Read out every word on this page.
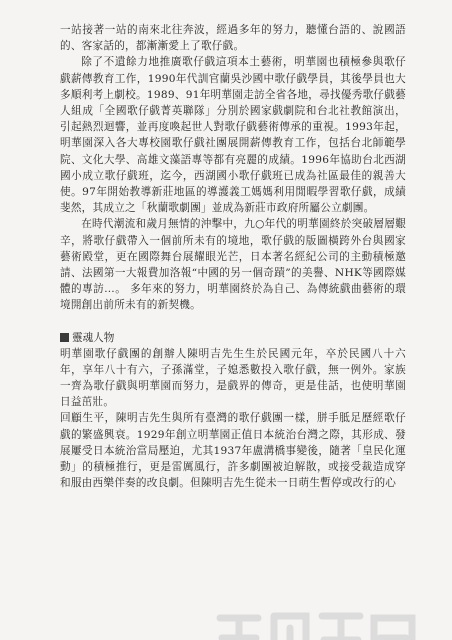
一站接著一站的南來北往奔波，經過多年的努力，聽懂台語的、說國語的、客家話的，都漸漸愛上了歌仔戲。

除了不遺餘力地推廣歌仔戲這項本土藝術，明華園也積極參與歌仔戲薪傳教育工作，1990年代訓官蘭吳沙國中歌仔戲學員，其後學員也大多順利考上劇校。1989、91年明華園走訪全省各地，尋找優秀歌仔戲藝人組成「全國歌仔戲菁英聯隊」分別於國家戲劇院和台北社教館演出，引起熱烈迴響，並再度喚起世人對歌仔戲藝術傳承的重視。1993年起，明華園深入各大專校園歌仔戲社團展開薪傳教育工作，包括台北師範學院、文化大學、高雄文藻語專等都有亮麗的成績。1996年協助台北西湖國小成立歌仔戲班，迄今，西湖國小歌仔戲班已成為社區最佳的親善大使。97年開始教導新莊地區的導護義工媽媽利用閒暇學習歌仔戲，成績斐然，其成立之「秋蘭歌劇團」並成為新莊市政府所屬公立劇團。

在時代潮流和歲月無情的沖擊中，九○年代的明華園終於突破層層艱辛，將歌仔戲帶入一個前所未有的境地，歌仔戲的版圖橫跨外台與國家藝術殿堂，更在國際舞台展耀眼光芒，日本著名經紀公司的主動積極邀請、法國第一大報費加洛報“中國的另一個奇蹟”的美譽、NHK等國際媒體的專訪…。 多年來的努力，明華園終於為自己、為傳統戲曲藝術的環境開創出前所未有的新契機。

靈魂人物

明華園歌仔戲團的創辦人陳明吉先生生於民國元年，卒於民國八十六年，享年八十有六，子孫滿堂，子媳悉數投入歌仔戲，無一例外。家族一齊為歌仔戲與明華園而努力，是戲界的傳奇，更是佳話，也使明華園日益茁壯。

回顧生平，陳明吉先生與所有臺灣的歌仔戲團一樣，胼手胝足歷經歌仔戲的繁盛興衰。1929年創立明華園正值日本統治台灣之際，其形成、發展屢受日本統治當局壓迫，尤其1937年盧溝橋事變後，隨著「皇民化運動」的積極推行，更是雷厲風行，許多劇團被迫解散，或接受裁造成穿和服由西樂伴奏的改良劇。但陳明吉先生從未一日萌生暫停或改行的心
